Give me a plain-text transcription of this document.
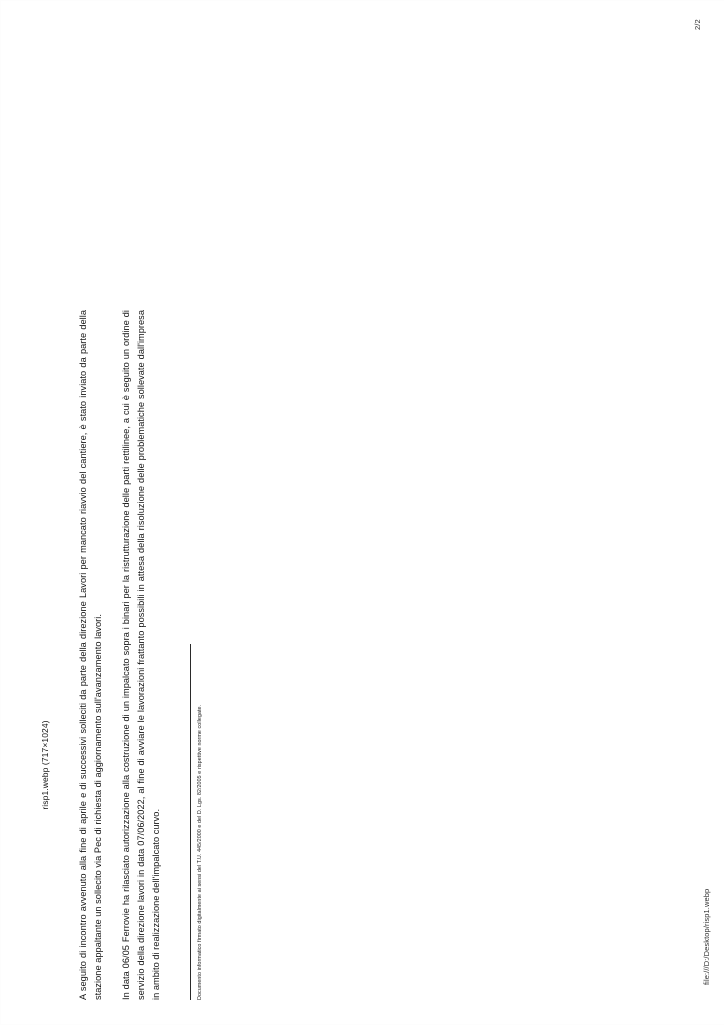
2/2
file:///D:/Desktop/risp1.webp
risp1.webp (717×1024)	A seguito di incontro avvenuto alla fine di aprile e di successivi solleciti da parte della direzione Lavori per mancato riavvio del cantiere, è stato inviato da parte della stazione appaltante un sollecito via Pec di richiesta di aggiornamento sull'avanzamento lavori.	In data 06/05 Ferrovie ha rilasciato autorizzazione alla costruzione di un impalcato sopra i binari per la ristrutturazione delle parti rettilinee, a cui è seguito un ordine di servizio della direzione lavori in data 07/06/2022, al fine di avviare le lavorazioni frattanto possibili in attesa della risoluzione delle problematiche sollevate dall'impresa in ambito di realizzazione dell'impalcato curvo.	Documento informatico firmato digitalmente ai sensi del T.U. 445/2000 e del D. Lgs. 82/2005 e rispettive norme collegate.
